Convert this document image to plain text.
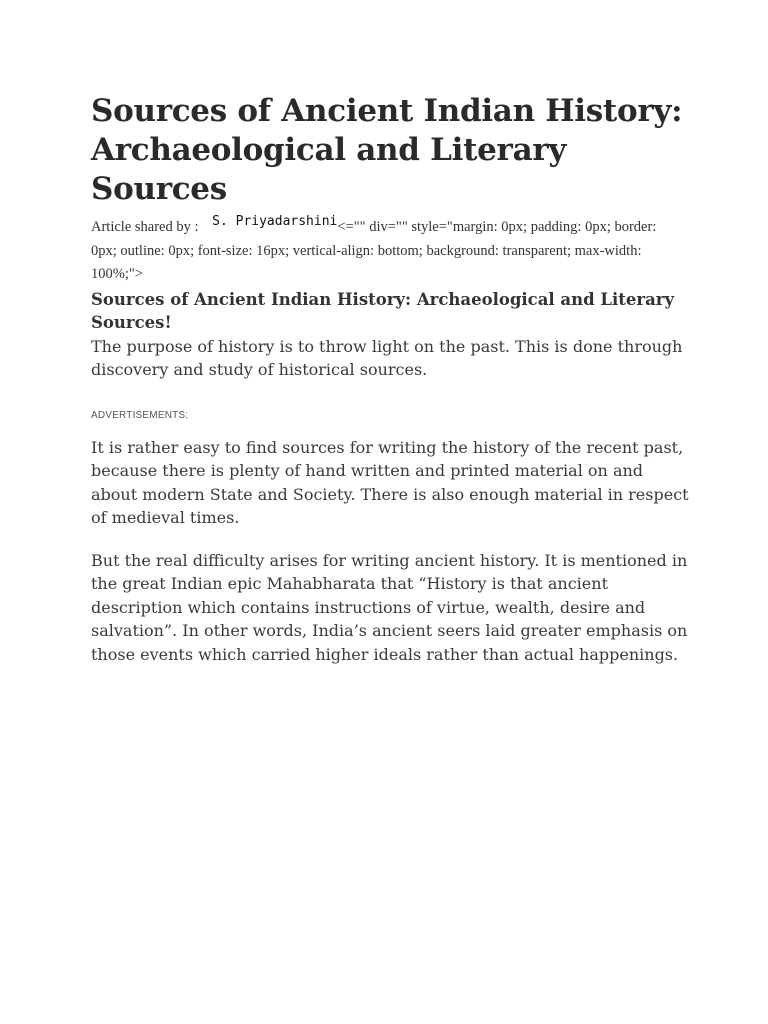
Sources of Ancient Indian History: Archaeological and Literary Sources
Article shared by : S. Priyadarshini<="" div="" style="margin: 0px; padding: 0px; border: 0px; outline: 0px; font-size: 16px; vertical-align: bottom; background: transparent; max-width: 100%;">
Sources of Ancient Indian History: Archaeological and Literary Sources!

The purpose of history is to throw light on the past. This is done through discovery and study of historical sources.

ADVERTISEMENTS:

It is rather easy to find sources for writing the history of the recent past, because there is plenty of hand written and printed material on and about modern State and Society. There is also enough material in respect of medieval times.

But the real difficulty arises for writing ancient history. It is mentioned in the great Indian epic Mahabharata that “History is that ancient description which contains instructions of virtue, wealth, desire and salvation”. In other words, India’s ancient seers laid greater emphasis on those events which carried higher ideals rather than actual happenings.
